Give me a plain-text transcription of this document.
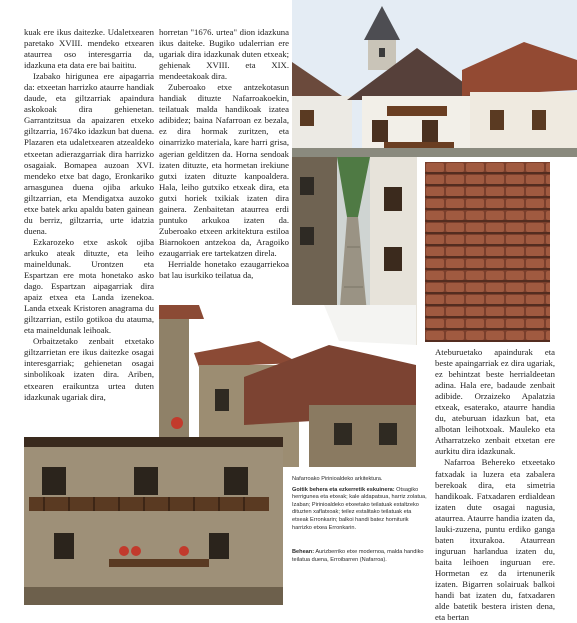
kuak ere ikus daitezke. Udaletxearen paretako XVIII. mendeko etxearen ataurrea oso interesgarria da, idazkuna eta data ere bai baititu.

Izabako hirigunea ere aipagarria da: etxeetan harrizko ataurre handiak daude, eta giltzarriak apaindura askokoak dira gehienetan. Garrantzitsua da apaizaren etxeko giltzarria, 1674ko idazkun bat duena. Plazaren eta udaletxearen atzealdeko etxeetan adierazgarriak dira harrizko osagaiak. Bomapea auzoan XVI. mendeko etxe bat dago, Eronkariko arnasgunea duena ojiba arkuko giltzarrian, eta Mendigatxa auzoko etxe batek arku apaldu baten gainean du berriz, giltzarria, urte idatzia duena.

Ezkarozeko etxe askok ojiba arkuko ateak dituzte, eta leiho maineldunak. Urontzen eta Espartzan ere mota honetako asko dago. Espartzan aipagarriak dira apaiz etxea eta Landa izenekoa. Landa etxeak Kristoren anagrama du giltzarrian, estilo gotikoa du atauma, eta maineldunak leihoak.

Orbaitzetako zenbait etxetako giltzarrietan ere ikus daitezke osagai interesgarriak; gehienetan osagai sinbolikoak izaten dira. Ariben, etxearen eraikuntza urtea duten idazkunak ugariak dira,

horretan "1676. urtea" dion idazkuna ikus daiteke. Bugiko udalerrian ere ugariak dira idazkunak duten etxeak; gehienak XVIII. eta XIX. mendeetakoak dira.

Zuberoako etxe antzekotasun handiak dituzte Nafarroakoekin, teilatuak malda handikoak izatea adibidez; baina Nafarroan ez bezala, ez dira hormak zuritzen, eta oinarrizko materiala, kare harri grisa, agerian gelditzen da. Horna sendoak izaten dituzte, eta hormetan irekiune gutxi izaten dituzte kanpoaldera. Hala, leiho gutxiko etxeak dira, eta gutxi horiek txikiak izaten dira gainera. Zenbaitetan ataurrea erdi puntuko arkukoa izaten da. Zuberoako etxeen arkitektura estiloa Biarnokoen antzekoa da, Aragoiko ezaugarriak ere tartekatzen direla.

Herrialde honetako ezaugarriekoa bat lau isurkiko teilatua da,

Ateburuetako apaindurak eta beste apaingarriak ez dira ugariak, ez behintzat beste herrialdeetan adina. Hala ere, badaude zenbait adibide. Orzaizeko Apalatzia etxeak, esaterako, ataurre handia du, ateburuan idazkun bat, eta albotan leihotxoak. Mauleko eta Atharratzeko zenbait etxetan ere aurkitu dira idazkunak.

Nafarroa Behereko etxeetako fatxadak ia luzera eta zabalera berekoak dira, eta simetria handikoak. Fatxadaren erdialdean izaten dute osagai nagusia, ataurrea. Ataurre handia izaten da, lauki-zuzena, puntu erdiko ganga baten itxurakoa. Ataurrean inguruan harlandua izaten du, baita leihoen inguruan ere. Hormetan ez da irtenunerik izaten. Bigarren solairuak balkoi handi bat izaten du, fatxadaren alde batetik bestera iristen dena, eta bertan

Nafarroako Pirinioaldeko arkitektura.

Goitik behera eta ezkerretik eskuinera: Otsagiko herrigunea eta etxeak; kale aldapatsua, harriz zolatua, Izaban; Pirinioaldeko etxeetako teilatuak estaltzeko dituzten xaflatxoak; teilez estalitako teilatuak eta etxeak Erronkarin; balkoi handi batez horniturik harrizko etxea Erronkarin.

Behean: Aurizberriko etxe modernoa, malda handiko teilatua duena, Erroibarren (Nafarroa).
